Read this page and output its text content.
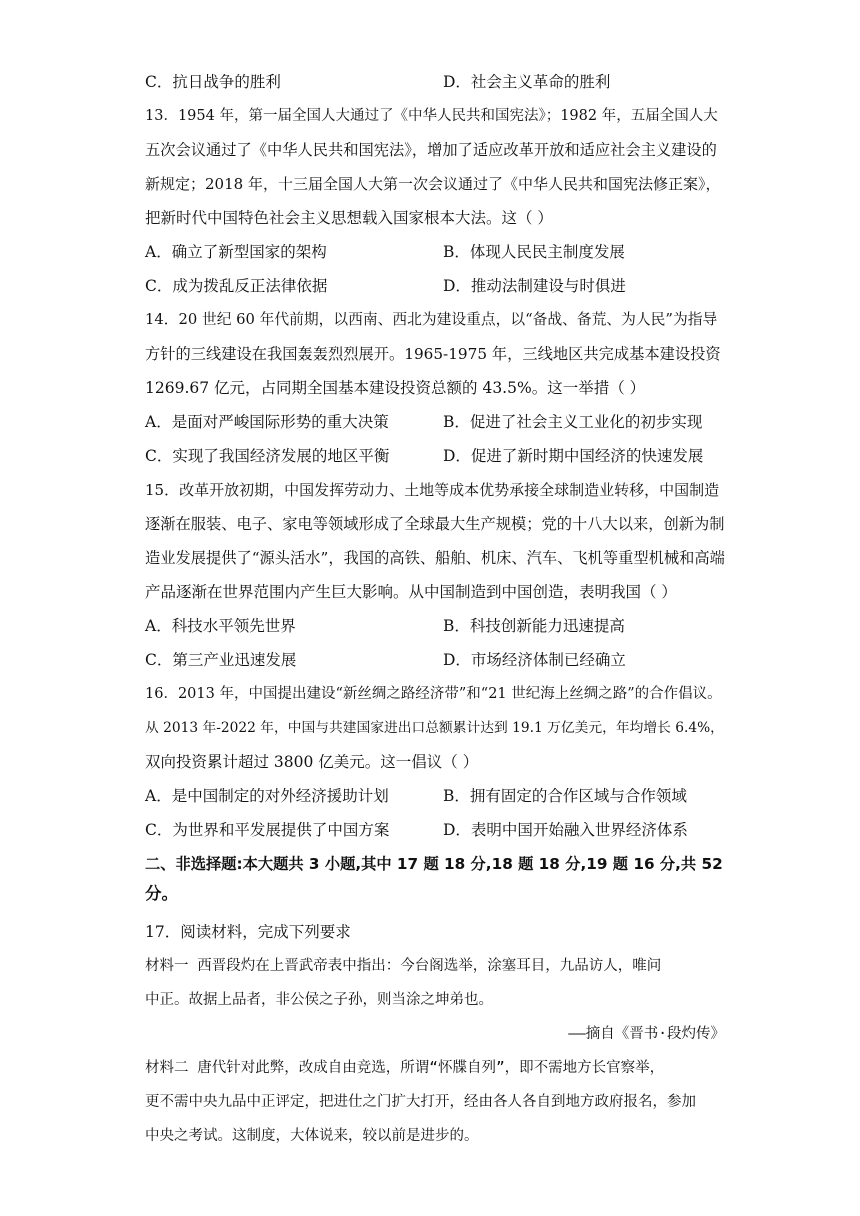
C．抗日战争的胜利	D．社会主义革命的胜利
13．1954 年，第一届全国人大通过了《中华人民共和国宪法》；1982 年，五届全国人大
五次会议通过了《中华人民共和国宪法》，增加了适应改革开放和适应社会主义建设的
新规定；2018 年，十三届全国人大第一次会议通过了《中华人民共和国宪法修正案》，
把新时代中国特色社会主义思想载入国家根本大法。这（ ）
A．确立了新型国家的架构	B．体现人民民主制度发展
C．成为拨乱反正法律依据	D．推动法制建设与时俱进
14．20 世纪 60 年代前期，以西南、西北为建设重点，以“备战、备荒、为人民”为指导
方针的三线建设在我国轰轰烈烈展开。1965-1975 年，三线地区共完成基本建设投资
1269.67 亿元，占同期全国基本建设投资总额的 43.5%。这一举措（ ）
A．是面对严峻国际形势的重大决策	B．促进了社会主义工业化的初步实现
C．实现了我国经济发展的地区平衡	D．促进了新时期中国经济的快速发展
15．改革开放初期，中国发挥劳动力、土地等成本优势承接全球制造业转移，中国制造
逐渐在服装、电子、家电等领域形成了全球最大生产规模；党的十八大以来，创新为制
造业发展提供了“源头活水”，我国的高铁、船舶、机床、汽车、飞机等重型机械和高端
产品逐渐在世界范围内产生巨大影响。从中国制造到中国创造，表明我国（ ）
A．科技水平领先世界	B．科技创新能力迅速提高
C．第三产业迅速发展	D．市场经济体制已经确立
16．2013 年，中国提出建设“新丝绸之路经济带”和“21 世纪海上丝绸之路”的合作倡议。
从 2013 年-2022 年，中国与共建国家进出口总额累计达到 19.1 万亿美元，年均增长 6.4%，
双向投资累计超过 3800 亿美元。这一倡议（ ）
A．是中国制定的对外经济援助计划	B．拥有固定的合作区域与合作领域
C．为世界和平发展提供了中国方案	D．表明中国开始融入世界经济体系
二、非选择题:本大题共 3 小题,其中 17 题 18 分,18 题 18 分,19 题 16 分,共 52
分。
17．阅读材料，完成下列要求
材料一 西晋段灼在上晋武帝表中指出：今台阁选举，涂塞耳目，九品访人，唯问
中正。故据上品者，非公侯之子孙，则当涂之坤弟也。
——摘自《晋书·段灼传》
材料二 唐代针对此弊，改成自由竞选，所谓“怀牒自列”，即不需地方长官察举，
更不需中央九品中正评定，把进仕之门扩大打开，经由各人各自到地方政府报名，参加
中央之考试。这制度，大体说来，较以前是进步的。
